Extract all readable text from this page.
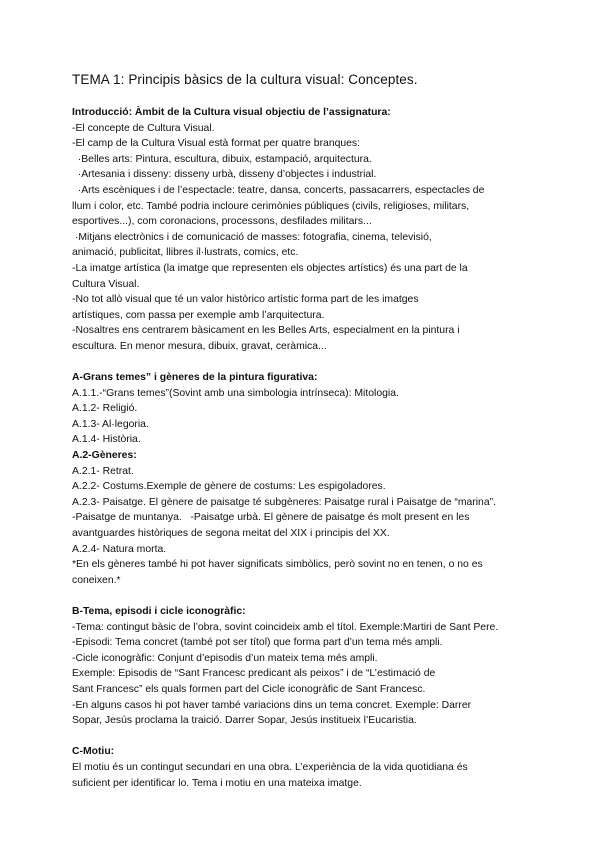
TEMA 1: Principis bàsics de la cultura visual: Conceptes.
Introducció: Àmbit de la Cultura visual objectiu de l’assignatura:
-El concepte de Cultura Visual.
-El camp de la Cultura Visual està format per quatre branques:
·Belles arts: Pintura, escultura, dibuix, estampació, arquitectura.
·Artesania i disseny: disseny urbà, disseny d’objectes i industrial.
·Arts escèniques i de l’espectacle: teatre, dansa, concerts, passacarrers, espectacles de
llum i color, etc. També podria incloure cerimònies públiques (civils, religioses, militars,
esportives...), com coronacions, processons, desfilades militars...
·Mitjans electrònics i de comunicació de masses: fotografia, cinema, televisió,
animació, publicitat, llibres il·lustrats, comics, etc.
-La imatge artística (la imatge que representen els objectes artístics) és una part de la
Cultura Visual.
-No tot allò visual que té un valor històrico artístic forma part de les imatges
artístiques, com passa per exemple amb l’arquitectura.
-Nosaltres ens centrarem bàsicament en les Belles Arts, especialment en la pintura i
escultura. En menor mesura, dibuix, gravat, ceràmica...
A-Grans temes” i gèneres de la pintura figurativa:
A.1.1.-“Grans temes”(Sovint amb una simbologia intrínseca): Mitologia.
A.1.2- Religió.
A.1.3- Al·legoria.
A.1.4- Història.
A.2-Gèneres:
A.2.1- Retrat.
A.2.2- Costums.Exemple de gènere de costums: Les espigoladores.
A.2.3- Paisatge. El gènere de paisatge té subgèneres: Paisatge rural i Paisatge de “marina”.
-Paisatge de muntanya.   -Paisatge urbà. El gènere de paisatge és molt present en les
avantguardes històriques de segona meitat del XIX i principis del XX.
A.2.4- Natura morta.
*En els gèneres també hi pot haver significats simbòlics, però sovint no en tenen, o no es
coneixen.*
B-Tema, episodi i cicle iconogràfic:
-Tema: contingut bàsic de l’obra, sovint coincideix amb el títol. Exemple:Martiri de Sant Pere.
-Episodi: Tema concret (també pot ser títol) que forma part d’un tema més ampli.
-Cicle iconogràfic: Conjunt d’episodis d’un mateix tema més ampli.
Exemple: Episodis de “Sant Francesc predicant als peixos” i de “L’estimació de
Sant Francesc” els quals formen part del Cicle iconogràfic de Sant Francesc.
-En alguns casos hi pot haver també variacions dins un tema concret. Exemple: Darrer
Sopar, Jesús proclama la traició. Darrer Sopar, Jesús institueix l’Eucaristia.
C-Motiu:
El motiu és un contingut secundari en una obra. L’experiència de la vida quotidiana és
suficient per identificar lo. Tema i motiu en una mateixa imatge.
